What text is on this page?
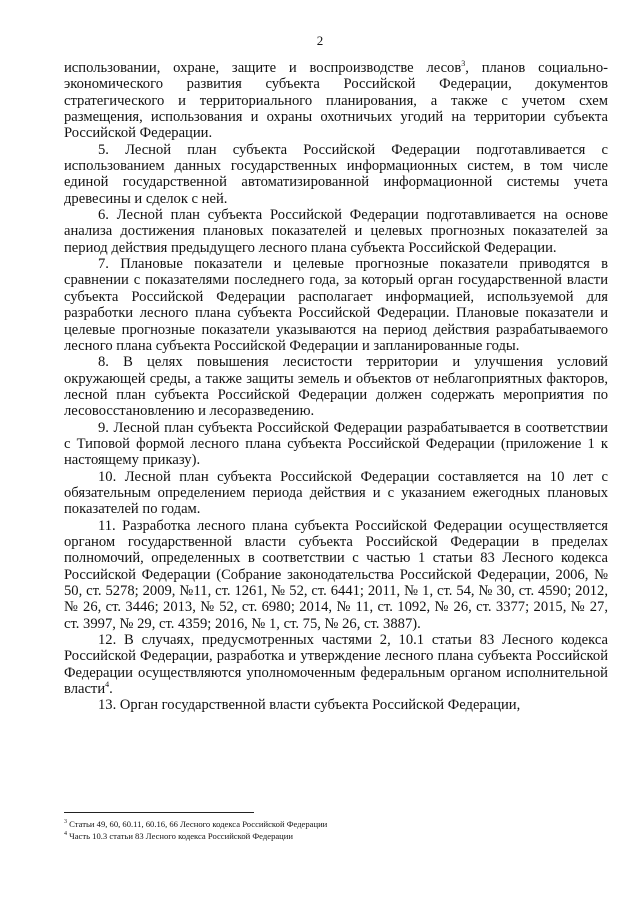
2

использовании, охране, защите и воспроизводстве лесов$^3$, планов социально-экономического развития субъекта Российской Федерации, документов стратегического и территориального планирования, а также с учетом схем размещения, использования и охраны охотничьих угодий на территории субъекта Российской Федерации.

5. Лесной план субъекта Российской Федерации подготавливается с использованием данных государственных информационных систем, в том числе единой государственной автоматизированной информационной системы учета древесины и сделок с ней.

6. Лесной план субъекта Российской Федерации подготавливается на основе анализа достижения плановых показателей и целевых прогнозных показателей за период действия предыдущего лесного плана субъекта Российской Федерации.

7. Плановые показатели и целевые прогнозные показатели приводятся в сравнении с показателями последнего года, за который орган государственной власти субъекта Российской Федерации располагает информацией, используемой для разработки лесного плана субъекта Российской Федерации. Плановые показатели и целевые прогнозные показатели указываются на период действия разрабатываемого лесного плана субъекта Российской Федерации и запланированные годы.

8. В целях повышения лесистости территории и улучшения условий окружающей среды, а также защиты земель и объектов от неблагоприятных факторов, лесной план субъекта Российской Федерации должен содержать мероприятия по лесовосстановлению и лесоразведению.

9. Лесной план субъекта Российской Федерации разрабатывается в соответствии с Типовой формой лесного плана субъекта Российской Федерации (приложение 1 к настоящему приказу).

10. Лесной план субъекта Российской Федерации составляется на 10 лет с обязательным определением периода действия и с указанием ежегодных плановых показателей по годам.

11. Разработка лесного плана субъекта Российской Федерации осуществляется органом государственной власти субъекта Российской Федерации в пределах полномочий, определенных в соответствии с частью 1 статьи 83 Лесного кодекса Российской Федерации (Собрание законодательства Российской Федерации, 2006, № 50, ст. 5278; 2009, №11, ст. 1261, № 52, ст. 6441; 2011, № 1, ст. 54, № 30, ст. 4590; 2012, № 26, ст. 3446; 2013, № 52, ст. 6980; 2014, № 11, ст. 1092, № 26, ст. 3377; 2015, № 27, ст. 3997, № 29, ст. 4359; 2016, № 1, ст. 75, № 26, ст. 3887).

12. В случаях, предусмотренных частями 2, 10.1 статьи 83 Лесного кодекса Российской Федерации, разработка и утверждение лесного плана субъекта Российской Федерации осуществляются уполномоченным федеральным органом исполнительной власти$^4$.

13. Орган государственной власти субъекта Российской Федерации,

$^3$ Статьи 49, 60, 60.11, 60.16, 66 Лесного кодекса Российской Федерации
$^4$ Часть 10.3 статьи 83 Лесного кодекса Российской Федерации
